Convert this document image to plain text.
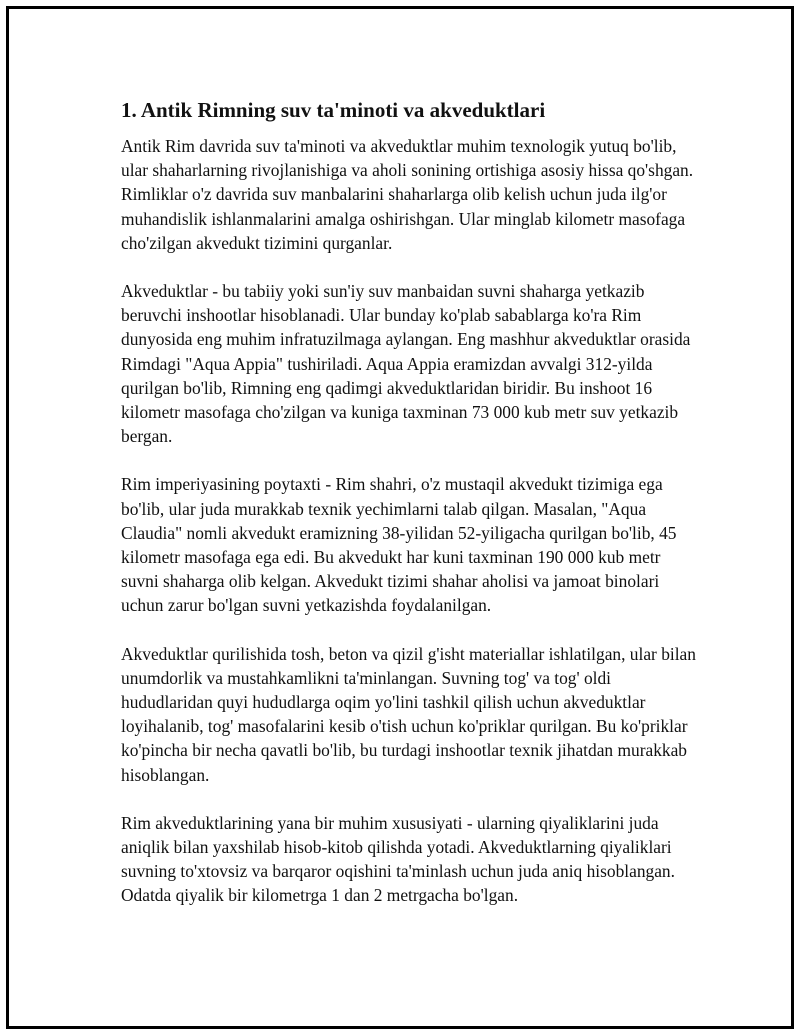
1. Antik Rimning suv ta'minoti va akveduktlari

Antik Rim davrida suv ta'minoti va akveduktlar muhim texnologik yutuq bo'lib, ular shaharlarning rivojlanishiga va aholi sonining ortishiga asosiy hissa qo'shgan. Rimliklar o'z davrida suv manbalarini shaharlarga olib kelish uchun juda ilg'or muhandislik ishlanmalarini amalga oshirishgan. Ular minglab kilometr masofaga cho'zilgan akvedukt tizimini qurganlar.

Akveduktlar - bu tabiiy yoki sun'iy suv manbaidan suvni shaharga yetkazib beruvchi inshootlar hisoblanadi. Ular bunday ko'plab sabablarga ko'ra Rim dunyosida eng muhim infratuzilmaga aylangan. Eng mashhur akveduktlar orasida Rimdagi "Aqua Appia" tushiriladi. Aqua Appia eramizdan avvalgi 312-yilda qurilgan bo'lib, Rimning eng qadimgi akveduktlaridan biridir. Bu inshoot 16 kilometr masofaga cho'zilgan va kuniga taxminan 73 000 kub metr suv yetkazib bergan.

Rim imperiyasining poytaxti - Rim shahri, o'z mustaqil akvedukt tizimiga ega bo'lib, ular juda murakkab texnik yechimlarni talab qilgan. Masalan, "Aqua Claudia" nomli akvedukt eramizning 38-yilidan 52-yiligacha qurilgan bo'lib, 45 kilometr masofaga ega edi. Bu akvedukt har kuni taxminan 190 000 kub metr suvni shaharga olib kelgan. Akvedukt tizimi shahar aholisi va jamoat binolari uchun zarur bo'lgan suvni yetkazishda foydalanilgan.

Akveduktlar qurilishida tosh, beton va qizil g'isht materiallar ishlatilgan, ular bilan unumdorlik va mustahkamlikni ta'minlangan. Suvning tog' va tog' oldi hududlaridan quyi hududlarga oqim yo'lini tashkil qilish uchun akveduktlar loyihalanib, tog' masofalarini kesib o'tish uchun ko'priklar qurilgan. Bu ko'priklar ko'pincha bir necha qavatli bo'lib, bu turdagi inshootlar texnik jihatdan murakkab hisoblangan.

Rim akveduktlarining yana bir muhim xususiyati - ularning qiyaliklarini juda aniqlik bilan yaxshilab hisob-kitob qilishda yotadi. Akveduktlarning qiyaliklari suvning to'xtovsiz va barqaror oqishini ta'minlash uchun juda aniq hisoblangan. Odatda qiyalik bir kilometrga 1 dan 2 metrgacha bo'lgan.
